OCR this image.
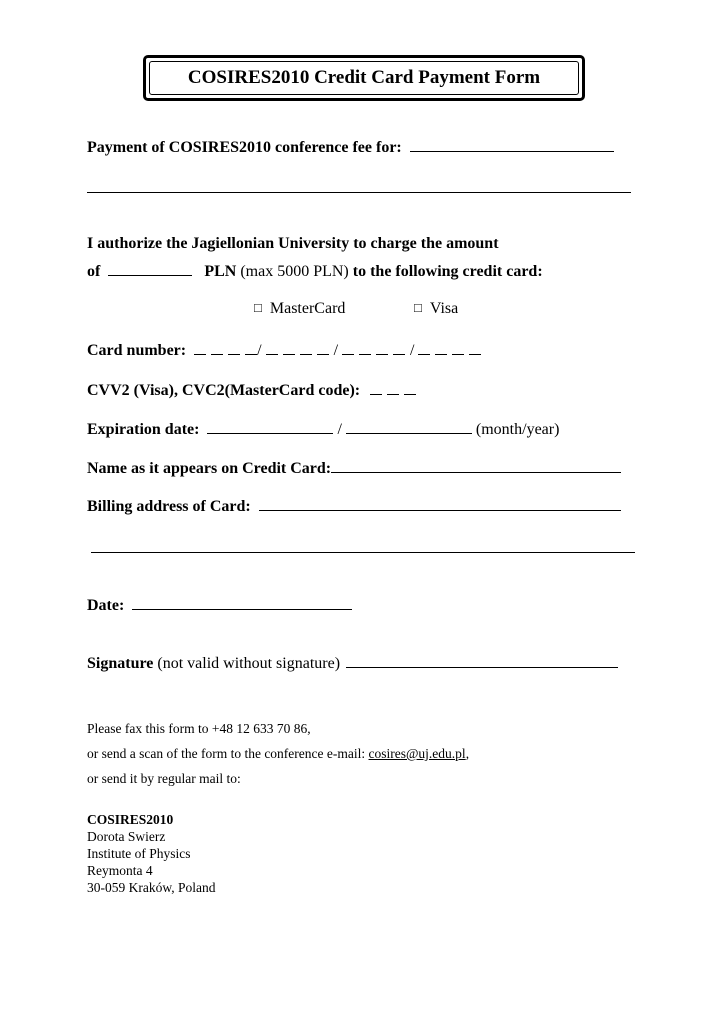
COSIRES2010 Credit Card Payment Form
Payment of COSIRES2010 conference fee for:
I authorize the Jagiellonian University to charge the amount
of	PLN (max 5000 PLN) to the following credit card:
□ MasterCard	□ Visa
Card number:	/	/	/
CVV2 (Visa), CVC2(MasterCard code):
Expiration date:	/	(month/year)
Name as it appears on Credit Card:
Billing address of Card:
Date:
Signature (not valid without signature)
Please fax this form to +48 12 633 70 86,
or send a scan of the form to the conference e-mail: cosires@uj.edu.pl,
or send it by regular mail to:
COSIRES2010
Dorota Swierz
Institute of Physics
Reymonta 4
30-059 Kraków, Poland
